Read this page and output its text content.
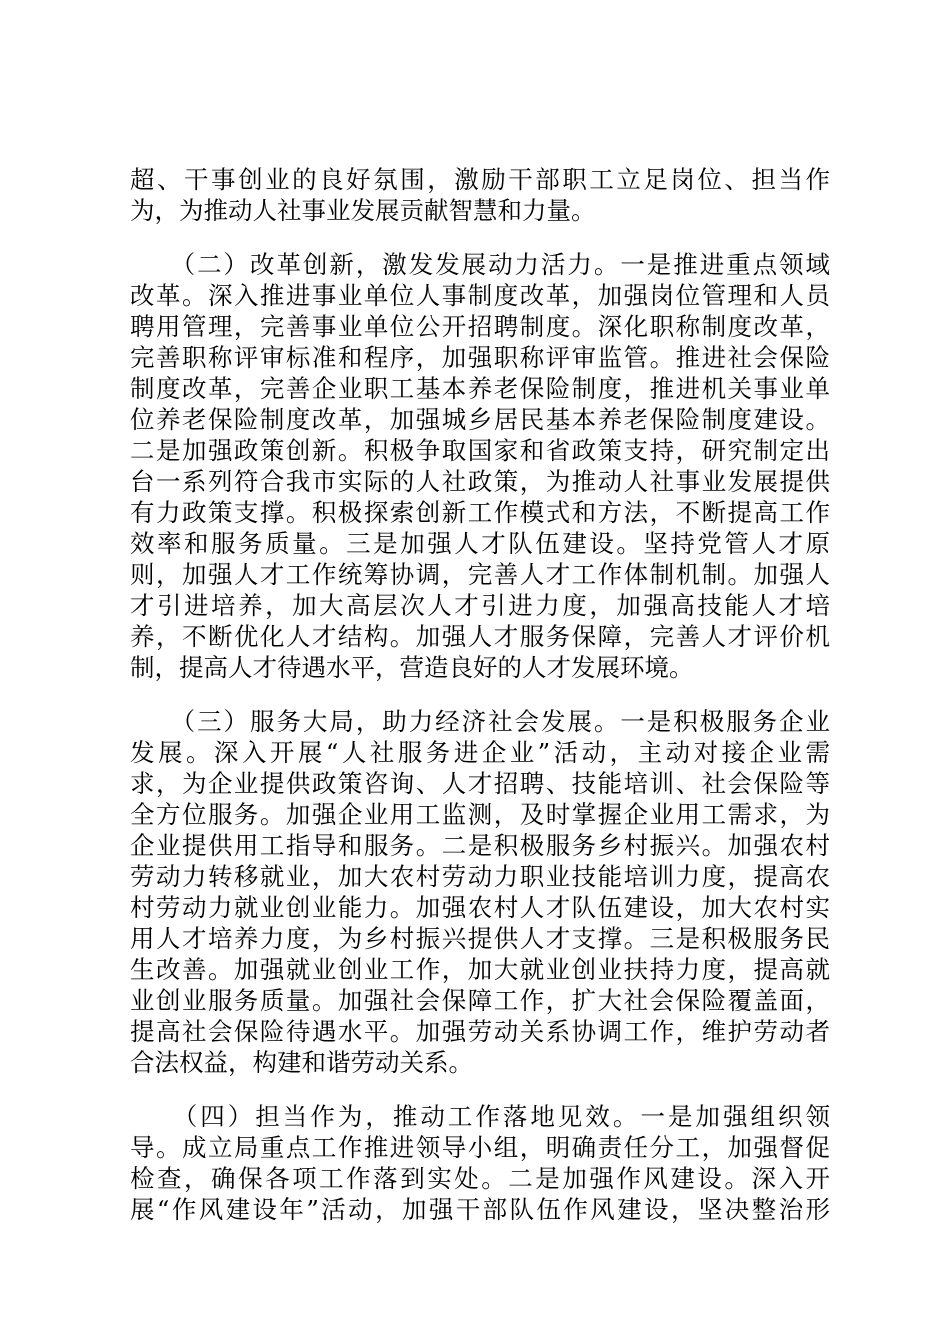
超、干事创业的良好氛围，激励干部职工立足岗位、担当作
为，为推动人社事业发展贡献智慧和力量。
　　（二）改革创新，激发发展动力活力。一是推进重点领域
改革。深入推进事业单位人事制度改革，加强岗位管理和人员
聘用管理，完善事业单位公开招聘制度。深化职称制度改革，
完善职称评审标准和程序，加强职称评审监管。推进社会保险
制度改革，完善企业职工基本养老保险制度，推进机关事业单
位养老保险制度改革，加强城乡居民基本养老保险制度建设。
二是加强政策创新。积极争取国家和省政策支持，研究制定出
台一系列符合我市实际的人社政策，为推动人社事业发展提供
有力政策支撑。积极探索创新工作模式和方法，不断提高工作
效率和服务质量。三是加强人才队伍建设。坚持党管人才原
则，加强人才工作统筹协调，完善人才工作体制机制。加强人
才引进培养，加大高层次人才引进力度，加强高技能人才培
养，不断优化人才结构。加强人才服务保障，完善人才评价机
制，提高人才待遇水平，营造良好的人才发展环境。
　　（三）服务大局，助力经济社会发展。一是积极服务企业
发展。深入开展“人社服务进企业”活动，主动对接企业需
求，为企业提供政策咨询、人才招聘、技能培训、社会保险等
全方位服务。加强企业用工监测，及时掌握企业用工需求，为
企业提供用工指导和服务。二是积极服务乡村振兴。加强农村
劳动力转移就业，加大农村劳动力职业技能培训力度，提高农
村劳动力就业创业能力。加强农村人才队伍建设，加大农村实
用人才培养力度，为乡村振兴提供人才支撑。三是积极服务民
生改善。加强就业创业工作，加大就业创业扶持力度，提高就
业创业服务质量。加强社会保障工作，扩大社会保险覆盖面，
提高社会保险待遇水平。加强劳动关系协调工作，维护劳动者
合法权益，构建和谐劳动关系。
　　（四）担当作为，推动工作落地见效。一是加强组织领
导。成立局重点工作推进领导小组，明确责任分工，加强督促
检查，确保各项工作落到实处。二是加强作风建设。深入开
展“作风建设年”活动，加强干部队伍作风建设，坚决整治形
